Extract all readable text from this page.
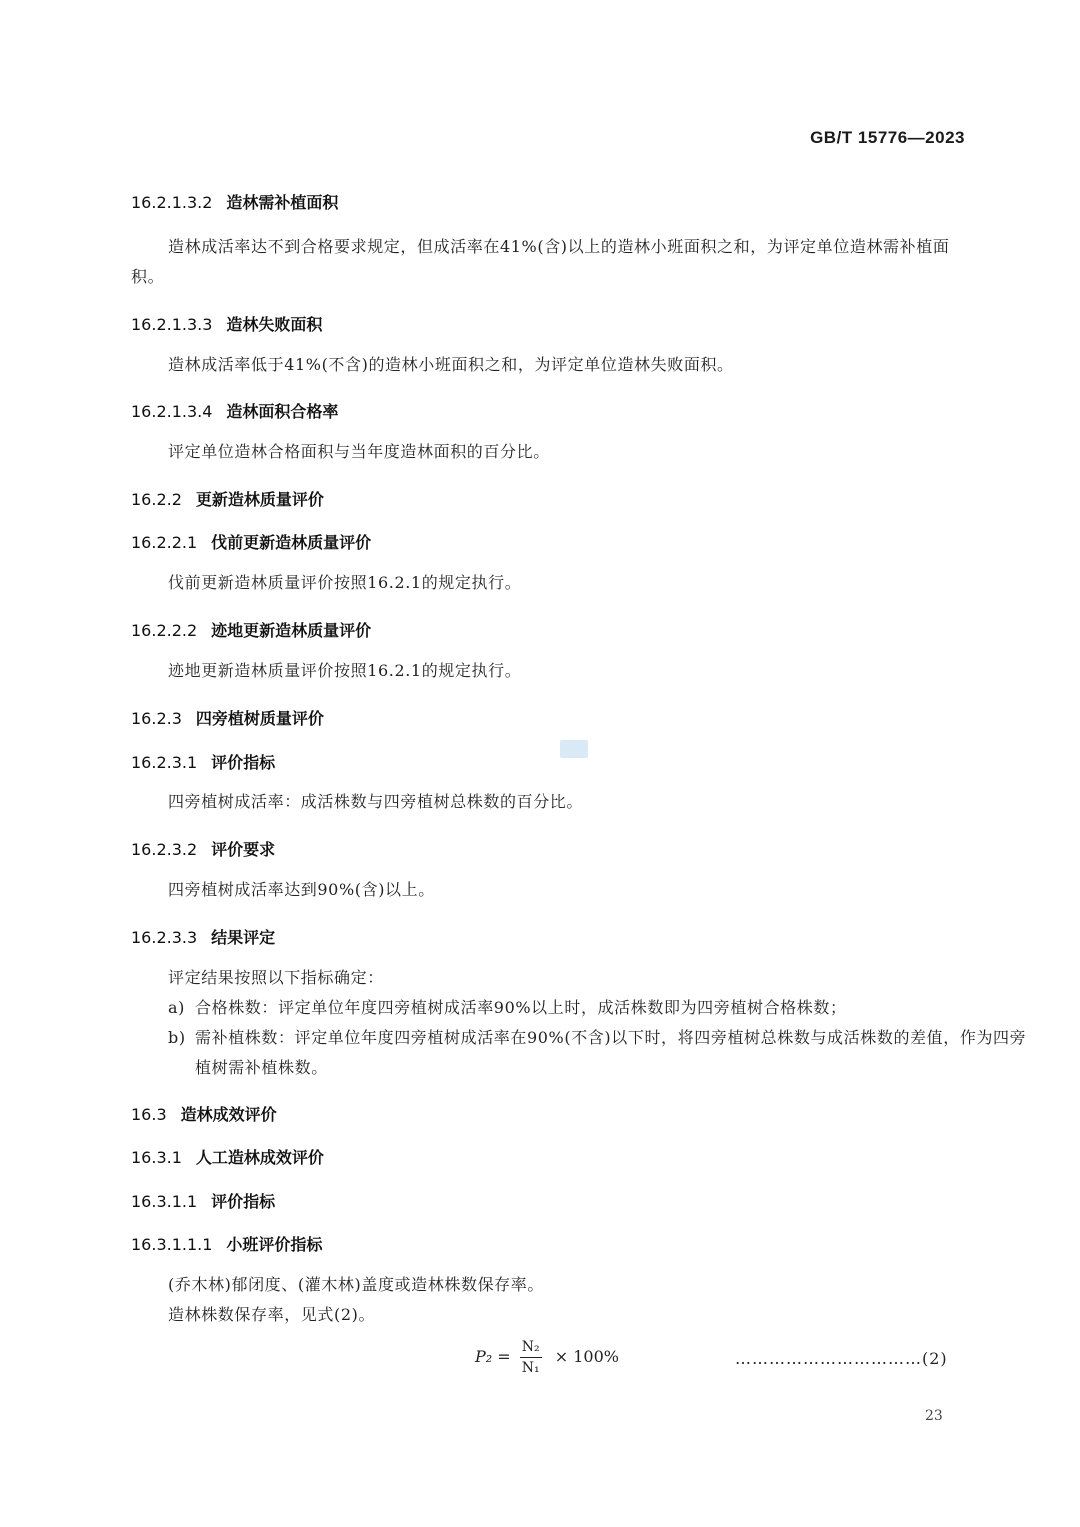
GB/T 15776—2023
16.2.1.3.2 造林需补植面积
造林成活率达不到合格要求规定，但成活率在41%(含)以上的造林小班面积之和，为评定单位造林需补植面积。
16.2.1.3.3 造林失败面积
造林成活率低于41%(不含)的造林小班面积之和，为评定单位造林失败面积。
16.2.1.3.4 造林面积合格率
评定单位造林合格面积与当年度造林面积的百分比。
16.2.2 更新造林质量评价
16.2.2.1 伐前更新造林质量评价
伐前更新造林质量评价按照16.2.1的规定执行。
16.2.2.2 迹地更新造林质量评价
迹地更新造林质量评价按照16.2.1的规定执行。
16.2.3 四旁植树质量评价
16.2.3.1 评价指标
四旁植树成活率：成活株数与四旁植树总株数的百分比。
16.2.3.2 评价要求
四旁植树成活率达到90%(含)以上。
16.2.3.3 结果评定
评定结果按照以下指标确定：
a) 合格株数：评定单位年度四旁植树成活率90%以上时，成活株数即为四旁植树合格株数；
b) 需补植株数：评定单位年度四旁植树成活率在90%(不含)以下时，将四旁植树总株数与成活株数的差值，作为四旁植树需补植株数。
16.3 造林成效评价
16.3.1 人工造林成效评价
16.3.1.1 评价指标
16.3.1.1.1 小班评价指标
(乔木林)郁闭度、(灌木林)盖度或造林株数保存率。
造林株数保存率，见式(2)。
$P_2 = \frac{\text{N₂}}{\text{N₁}} \times 100\%$	……………………………(2)
23
